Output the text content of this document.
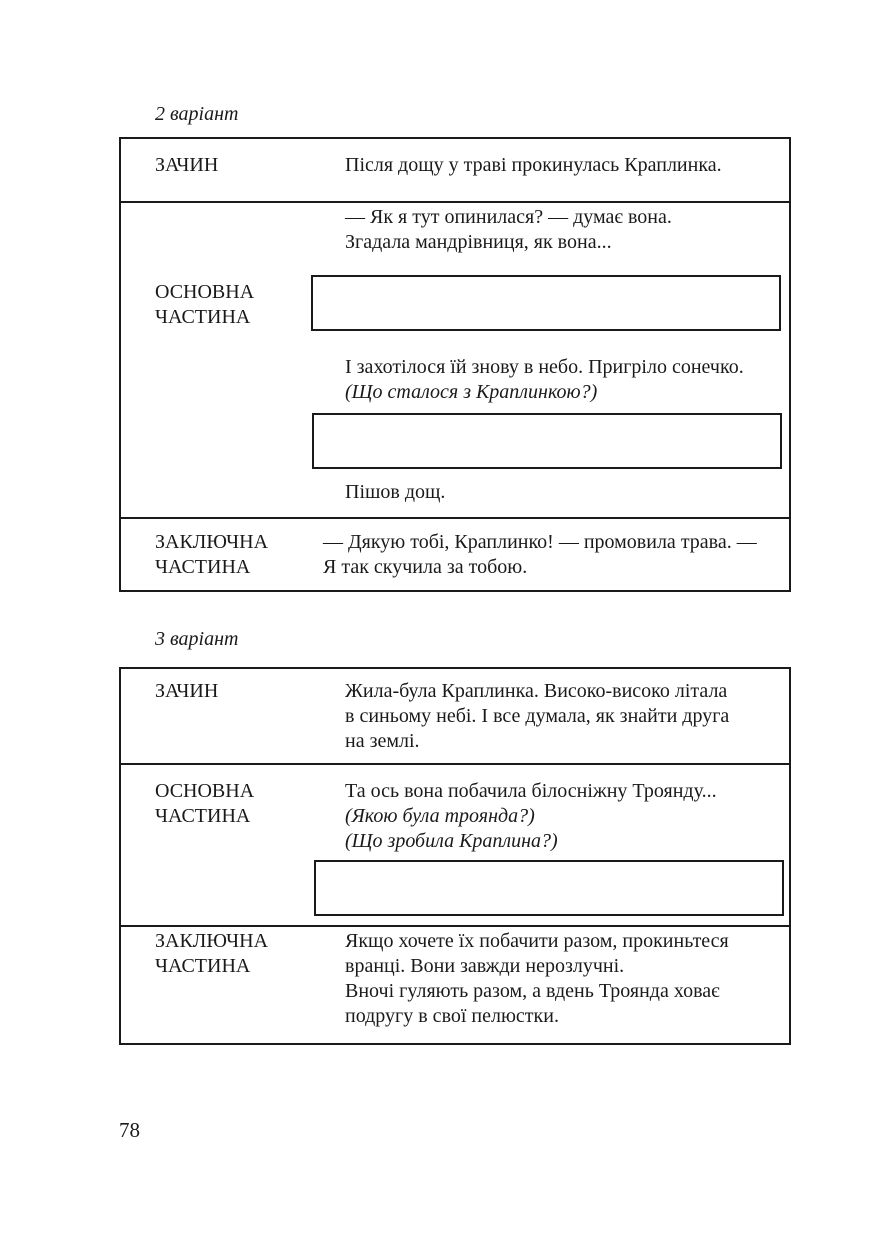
2 варіант
ЗАЧИН	Після дощу у траві прокинулась Краплинка.
ОСНОВНА
ЧАСТИНА
— Як я тут опинилася? — думає вона.
Згадала мандрівниця, як вона...
І захотілося їй знову в небо. Пригріло сонечко.
(Що сталося з Краплинкою?)
Пішов дощ.
ЗАКЛЮЧНА
ЧАСТИНА
— Дякую тобі, Краплинко! — промовила трава. —
Я так скучила за тобою.
3 варіант
ЗАЧИН	Жила-була Краплинка. Високо-високо літала
в синьому небі. І все думала, як знайти друга
на землі.
ОСНОВНА
ЧАСТИНА
Та ось вона побачила білосніжну Троянду...
(Якою була троянда?)
(Що зробила Краплина?)
ЗАКЛЮЧНА
ЧАСТИНА
Якщо хочете їх побачити разом, прокиньтеся
вранці. Вони завжди нерозлучні.
Вночі гуляють разом, а вдень Троянда ховає
подругу в свої пелюстки.
78
